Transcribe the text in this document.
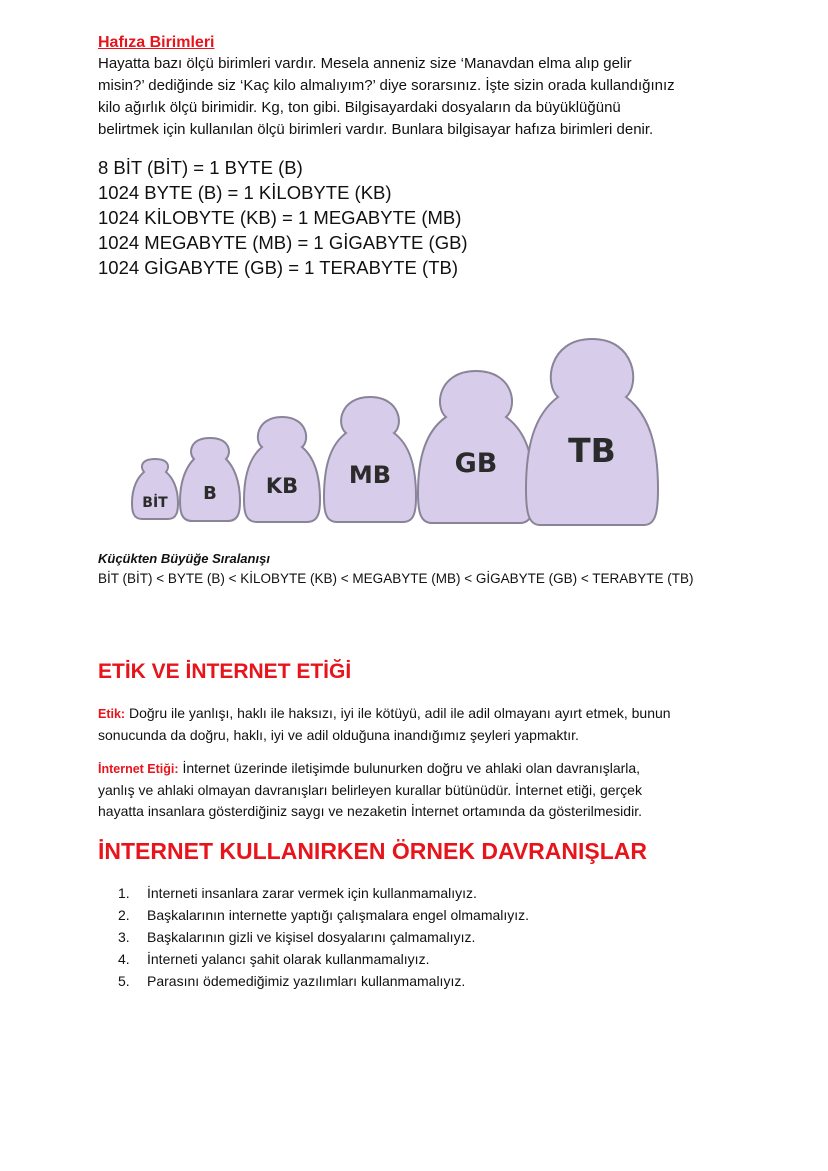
Hafıza Birimleri
Hayatta bazı ölçü birimleri vardır. Mesela anneniz size ‘Manavdan elma alıp gelir
misin?’ dediğinde siz ‘Kaç kilo almalıyım?’ diye sorarsınız. İşte sizin orada kullandığınız
kilo ağırlık ölçü birimidir. Kg, ton gibi. Bilgisayardaki dosyaların da büyüklüğünü
belirtmek için kullanılan ölçü birimleri vardır. Bunlara bilgisayar hafıza birimleri denir.
8 BİT (BİT) = 1 BYTE (B)
1024 BYTE (B) = 1 KİLOBYTE (KB)
1024 KİLOBYTE (KB) = 1 MEGABYTE (MB)
1024 MEGABYTE (MB) = 1 GİGABYTE (GB)
1024 GİGABYTE (GB) = 1 TERABYTE (TB)
BİT B KB MB GB TB
Küçükten Büyüğe Sıralanışı
BİT (BİT) < BYTE (B) < KİLOBYTE (KB) < MEGABYTE (MB) < GİGABYTE (GB) < TERABYTE (TB)
ETİK VE İNTERNET ETİĞİ
Etik: Doğru ile yanlışı, haklı ile haksızı, iyi ile kötüyü, adil ile adil olmayanı ayırt etmek, bunun
sonucunda da doğru, haklı, iyi ve adil olduğuna inandığımız şeyleri yapmaktır.
İnternet Etiği: İnternet üzerinde iletişimde bulunurken doğru ve ahlaki olan davranışlarla,
yanlış ve ahlaki olmayan davranışları belirleyen kurallar bütünüdür. İnternet etiği, gerçek
hayatta insanlara gösterdiğiniz saygı ve nezaketin İnternet ortamında da gösterilmesidir.
İNTERNET KULLANIRKEN ÖRNEK DAVRANIŞLAR
1.	İnterneti insanlara zarar vermek için kullanmamalıyız.
2.	Başkalarının internette yaptığı çalışmalara engel olmamalıyız.
3.	Başkalarının gizli ve kişisel dosyalarını çalmamalıyız.
4.	İnterneti yalancı şahit olarak kullanmamalıyız.
5.	Parasını ödemediğimiz yazılımları kullanmamalıyız.
